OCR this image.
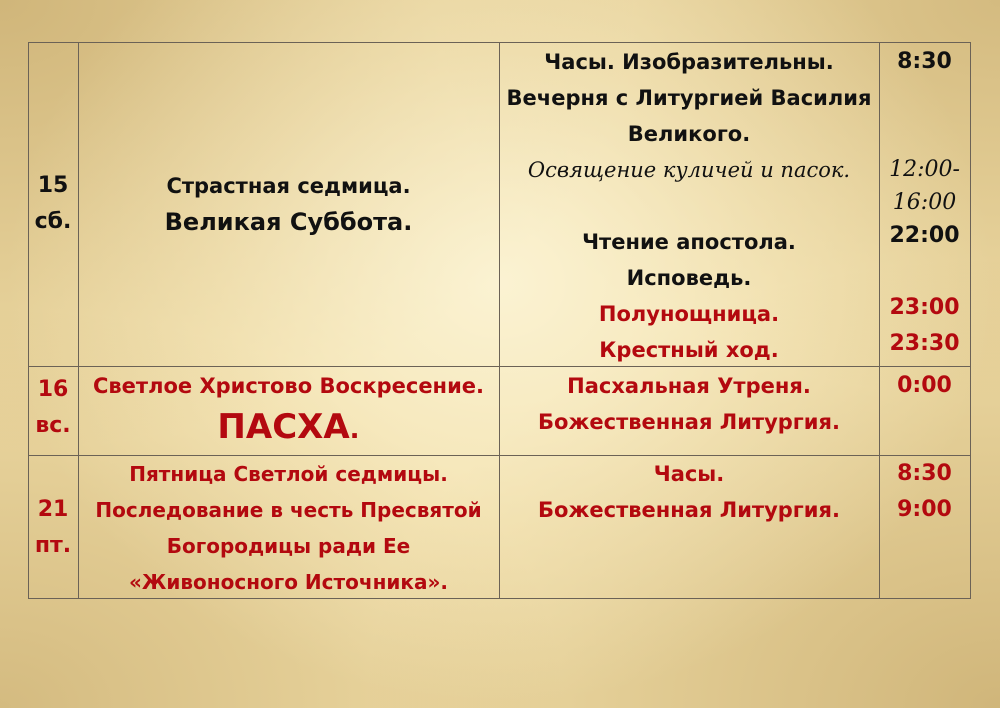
15
сб.
Страстная седмица.
Великая Суббота.
Часы. Изобразительны.
Вечерня с Литургией Василия
Великого.
Освящение куличей и пасок.
Чтение апостола.
Исповедь.
Полунощница.
Крестный ход.
8:30
12:00-
16:00
22:00
23:00
23:30
16
вс.
Светлое Христово Воскресение.
ПАСХА.
Пасхальная Утреня.
Божественная Литургия.
0:00
21
пт.
Пятница Светлой седмицы.
Последование в честь Пресвятой
Богородицы ради Ее
«Живоносного Источника».
Часы.
Божественная Литургия.
8:30
9:00
